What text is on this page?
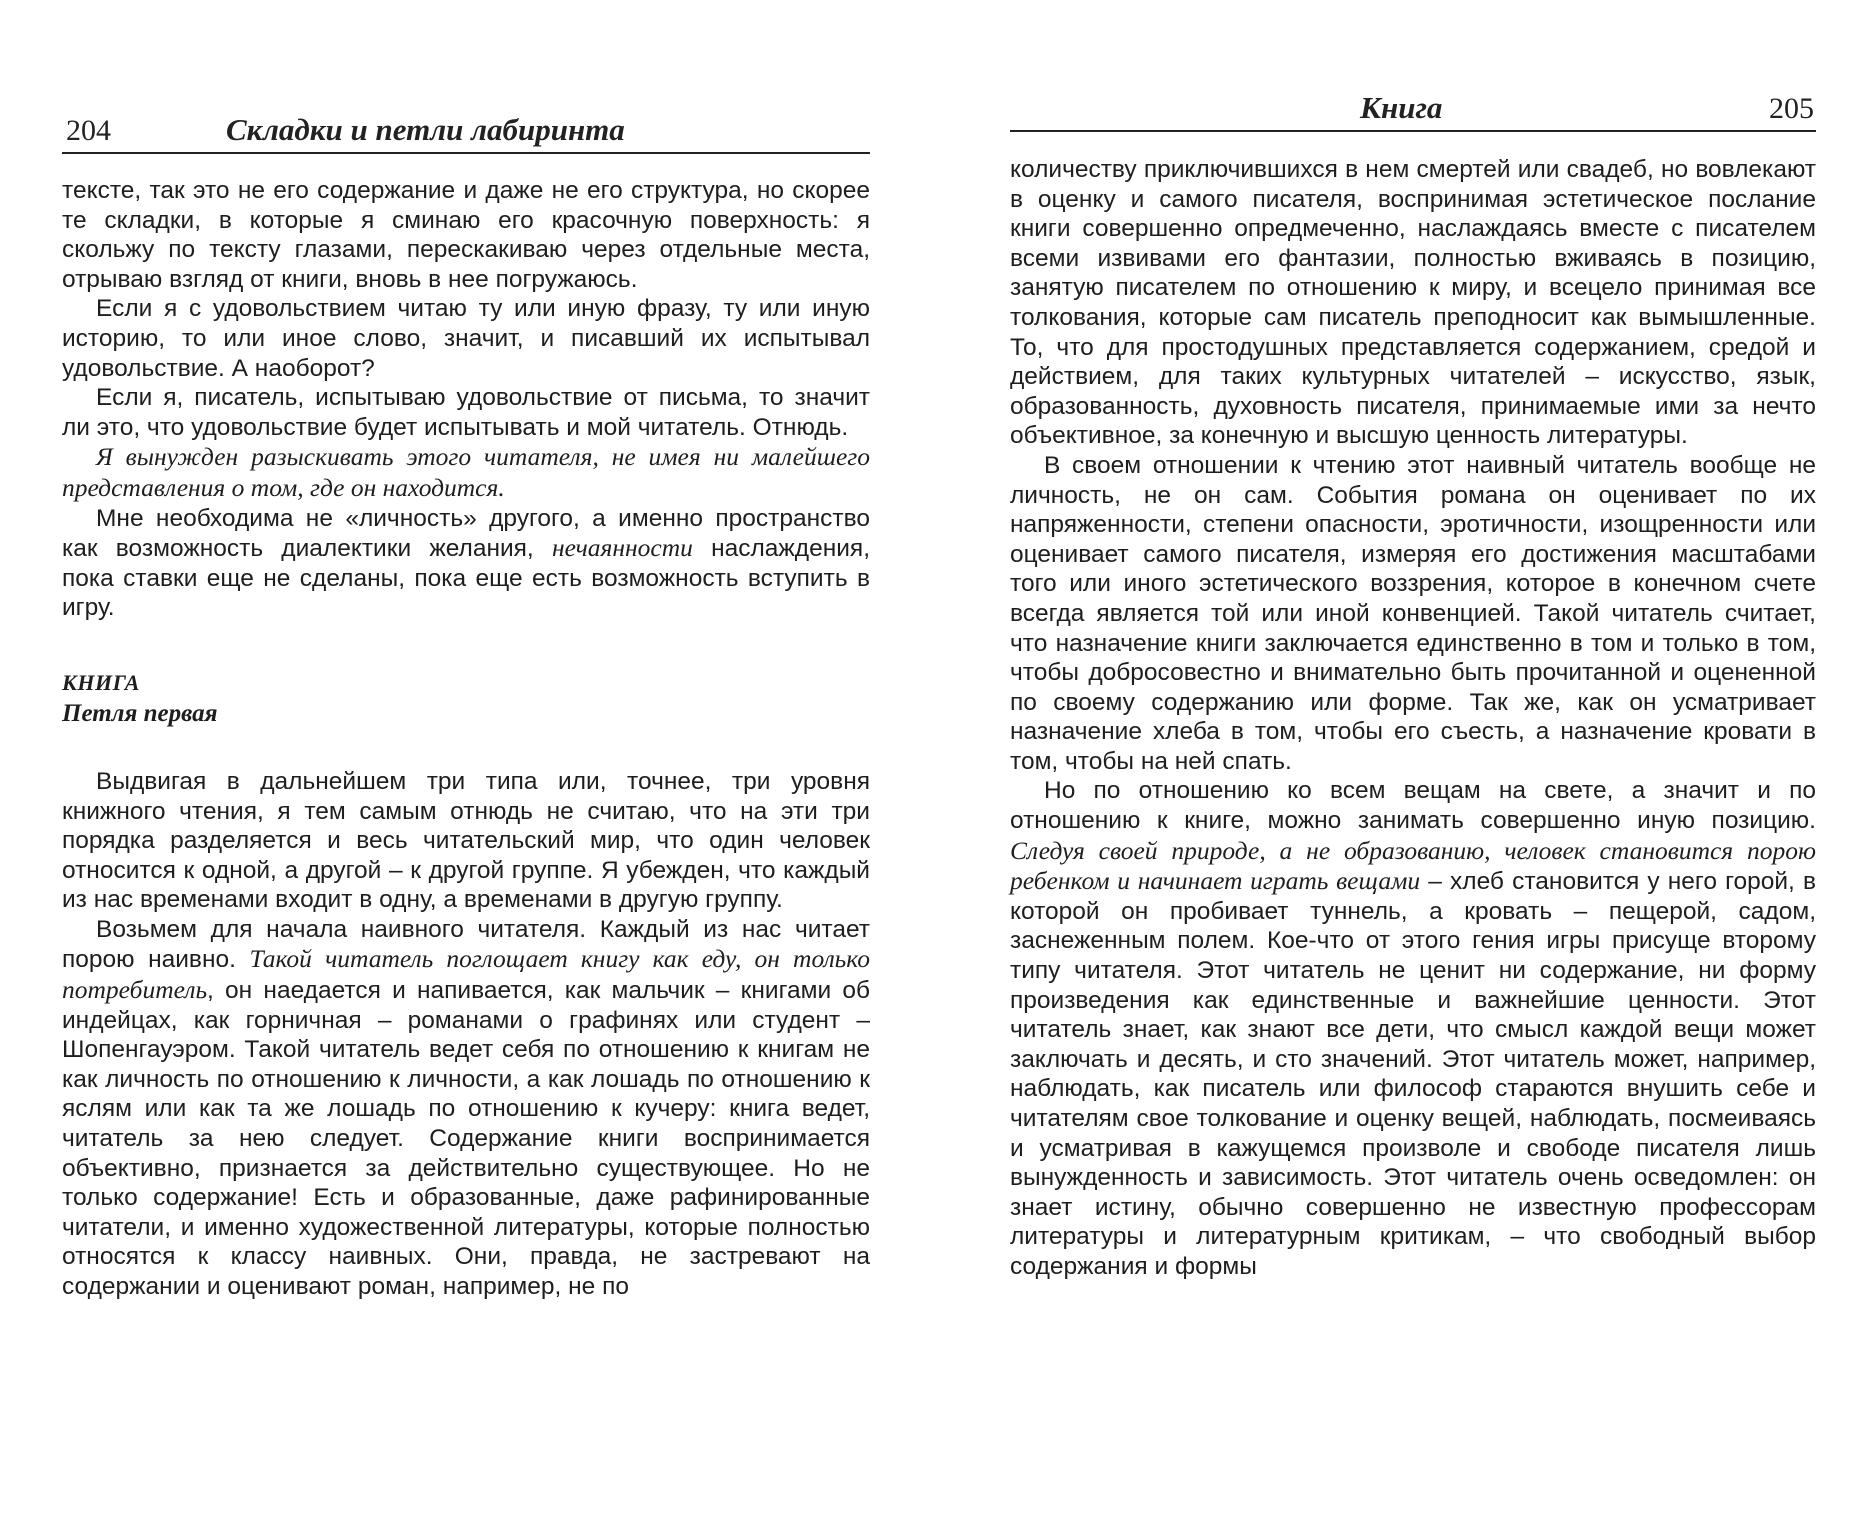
204	Складки и петли лабиринта

тексте, так это не его содержание и даже не его структура, но скорее те складки, в которые я сминаю его красочную поверхность: я скольжу по тексту глазами, перескакиваю через отдельные места, отрываю взгляд от книги, вновь в нее погружаюсь.

Если я с удовольствием читаю ту или иную фразу, ту или иную историю, то или иное слово, значит, и писавший их испытывал удовольствие. А наоборот?

Если я, писатель, испытываю удовольствие от письма, то значит ли это, что удовольствие будет испытывать и мой читатель. Отнюдь.

Я вынужден разыскивать этого читателя, не имея ни малейшего представления о том, где он находится.

Мне необходима не «личность» другого, а именно пространство как возможность диалектики желания, нечаянности наслаждения, пока ставки еще не сделаны, пока еще есть возможность вступить в игру.

КНИГА
Петля первая

Выдвигая в дальнейшем три типа или, точнее, три уровня книжного чтения, я тем самым отнюдь не считаю, что на эти три порядка разделяется и весь читательский мир, что один человек относится к одной, а другой – к другой группе. Я убежден, что каждый из нас временами входит в одну, а временами в другую группу.

Возьмем для начала наивного читателя. Каждый из нас читает порою наивно. Такой читатель поглощает книгу как еду, он только потребитель, он наедается и напивается, как мальчик – книгами об индейцах, как горничная – романами о графинях или студент – Шопенгауэром. Такой читатель ведет себя по отношению к книгам не как личность по отношению к личности, а как лошадь по отношению к яслям или как та же лошадь по отношению к кучеру: книга ведет, читатель за нею следует. Содержание книги воспринимается объективно, признается за действительно существующее. Но не только содержание! Есть и образованные, даже рафинированные читатели, и именно художественной литературы, которые полностью относятся к классу наивных. Они, правда, не застревают на содержании и оценивают роман, например, не по

Книга	205

количеству приключившихся в нем смертей или свадеб, но вовлекают в оценку и самого писателя, воспринимая эстетическое послание книги совершенно опредмеченно, наслаждаясь вместе с писателем всеми извивами его фантазии, полностью вживаясь в позицию, занятую писателем по отношению к миру, и всецело принимая все толкования, которые сам писатель преподносит как вымышленные. То, что для простодушных представляется содержанием, средой и действием, для таких культурных читателей – искусство, язык, образованность, духовность писателя, принимаемые ими за нечто объективное, за конечную и высшую ценность литературы.

В своем отношении к чтению этот наивный читатель вообще не личность, не он сам. События романа он оценивает по их напряженности, степени опасности, эротичности, изощренности или оценивает самого писателя, измеряя его достижения масштабами того или иного эстетического воззрения, которое в конечном счете всегда является той или иной конвенцией. Такой читатель считает, что назначение книги заключается единственно в том и только в том, чтобы добросовестно и внимательно быть прочитанной и оцененной по своему содержанию или форме. Так же, как он усматривает назначение хлеба в том, чтобы его съесть, а назначение кровати в том, чтобы на ней спать.

Но по отношению ко всем вещам на свете, а значит и по отношению к книге, можно занимать совершенно иную позицию. Следуя своей природе, а не образованию, человек становится порою ребенком и начинает играть вещами – хлеб становится у него горой, в которой он пробивает туннель, а кровать – пещерой, садом, заснеженным полем. Кое-что от этого гения игры присуще второму типу читателя. Этот читатель не ценит ни содержание, ни форму произведения как единственные и важнейшие ценности. Этот читатель знает, как знают все дети, что смысл каждой вещи может заключать и десять, и сто значений. Этот читатель может, например, наблюдать, как писатель или философ стараются внушить себе и читателям свое толкование и оценку вещей, наблюдать, посмеиваясь и усматривая в кажущемся произволе и свободе писателя лишь вынужденность и зависимость. Этот читатель очень осведомлен: он знает истину, обычно совершенно не известную профессорам литературы и литературным критикам, – что свободный выбор содержания и формы
